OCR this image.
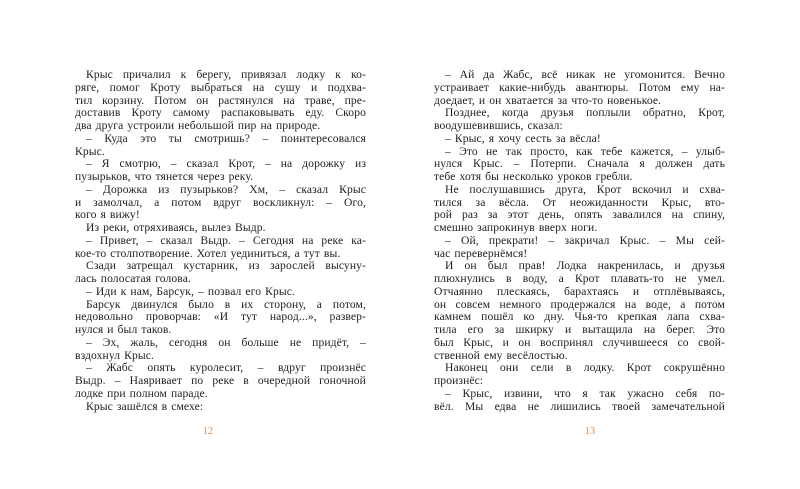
Крыс причалил к берегу, привязал лодку к ко-
ряге, помог Кроту выбраться на сушу и подхва-
тил корзину. Потом он растянулся на траве, пре-
доставив Кроту самому распаковывать еду. Скоро
два друга устроили небольшой пир на природе.
– Куда это ты смотришь? – поинтересовался
Крыс.
– Я смотрю, – сказал Крот, – на дорожку из
пузырьков, что тянется через реку.
– Дорожка из пузырьков? Хм, – сказал Крыс
и замолчал, а потом вдруг воскликнул: – Ого,
кого я вижу!
Из реки, отряхиваясь, вылез Выдр.
– Привет, – сказал Выдр. – Сегодня на реке ка-
кое-то столпотворение. Хотел уединиться, а тут вы.
Сзади затрещал кустарник, из зарослей высуну-
лась полосатая голова.
– Иди к нам, Барсук, – позвал его Крыс.
Барсук двинулся было в их сторону, а потом,
недовольно проворчав: «И тут народ...», развер-
нулся и был таков.
– Эх, жаль, сегодня он больше не придёт, –
вздохнул Крыс.
– Жабс опять куролесит, – вдруг произнёс
Выдр. – Наяривает по реке в очередной гоночной
лодке при полном параде.
Крыс зашёлся в смехе:
12
– Ай да Жабс, всё никак не угомонится. Вечно
устраивает какие-нибудь авантюры. Потом ему на-
доедает, и он хватается за что-то новенькое.
Позднее, когда друзья поплыли обратно, Крот,
воодушевившись, сказал:
– Крыс, я хочу сесть за вёсла!
– Это не так просто, как тебе кажется, – улыб-
нулся Крыс. – Потерпи. Сначала я должен дать
тебе хотя бы несколько уроков гребли.
Не послушавшись друга, Крот вскочил и схва-
тился за вёсла. От неожиданности Крыс, вто-
рой раз за этот день, опять завалился на спину,
смешно запрокинув вверх ноги.
– Ой, прекрати! – закричал Крыс. – Мы сей-
час перевернёмся!
И он был прав! Лодка накренилась, и друзья
плюхнулись в воду, а Крот плавать-то не умел.
Отчаянно плескаясь, барахтаясь и отплёвываясь,
он совсем немного продержался на воде, а потом
камнем пошёл ко дну. Чья-то крепкая лапа схва-
тила его за шкирку и вытащила на берег. Это
был Крыс, и он воспринял случившееся со свой-
ственной ему весёлостью.
Наконец они сели в лодку. Крот сокрушённо
произнёс:
– Крыс, извини, что я так ужасно себя по-
вёл. Мы едва не лишились твоей замечательной
13
